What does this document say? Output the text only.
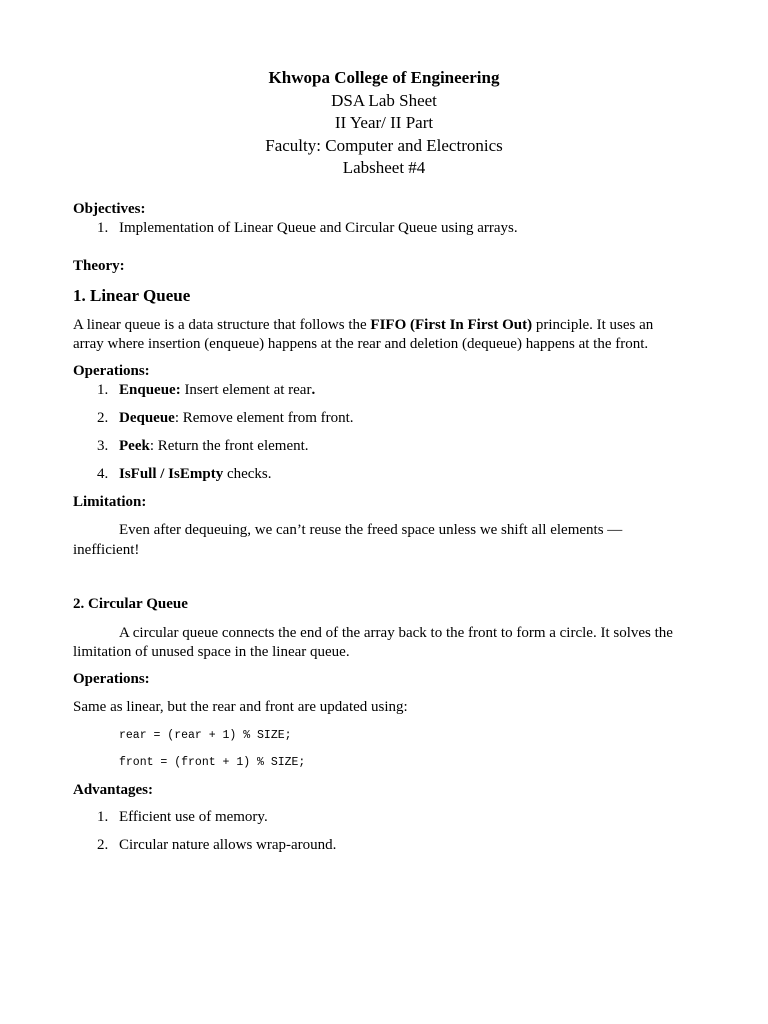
Khwopa College of Engineering
DSA Lab Sheet
II Year/ II Part
Faculty: Computer and Electronics
Labsheet #4
Objectives:
1. Implementation of Linear Queue and Circular Queue using arrays.
Theory:
1. Linear Queue
A linear queue is a data structure that follows the FIFO (First In First Out) principle. It uses an
array where insertion (enqueue) happens at the rear and deletion (dequeue) happens at the front.
Operations:
1. Enqueue: Insert element at rear.
2. Dequeue: Remove element from front.
3. Peek: Return the front element.
4. IsFull / IsEmpty checks.
Limitation:
Even after dequeuing, we can’t reuse the freed space unless we shift all elements —
inefficient!
2. Circular Queue
A circular queue connects the end of the array back to the front to form a circle. It solves the
limitation of unused space in the linear queue.
Operations:
Same as linear, but the rear and front are updated using:
rear = (rear + 1) % SIZE;
front = (front + 1) % SIZE;
Advantages:
1. Efficient use of memory.
2. Circular nature allows wrap-around.
